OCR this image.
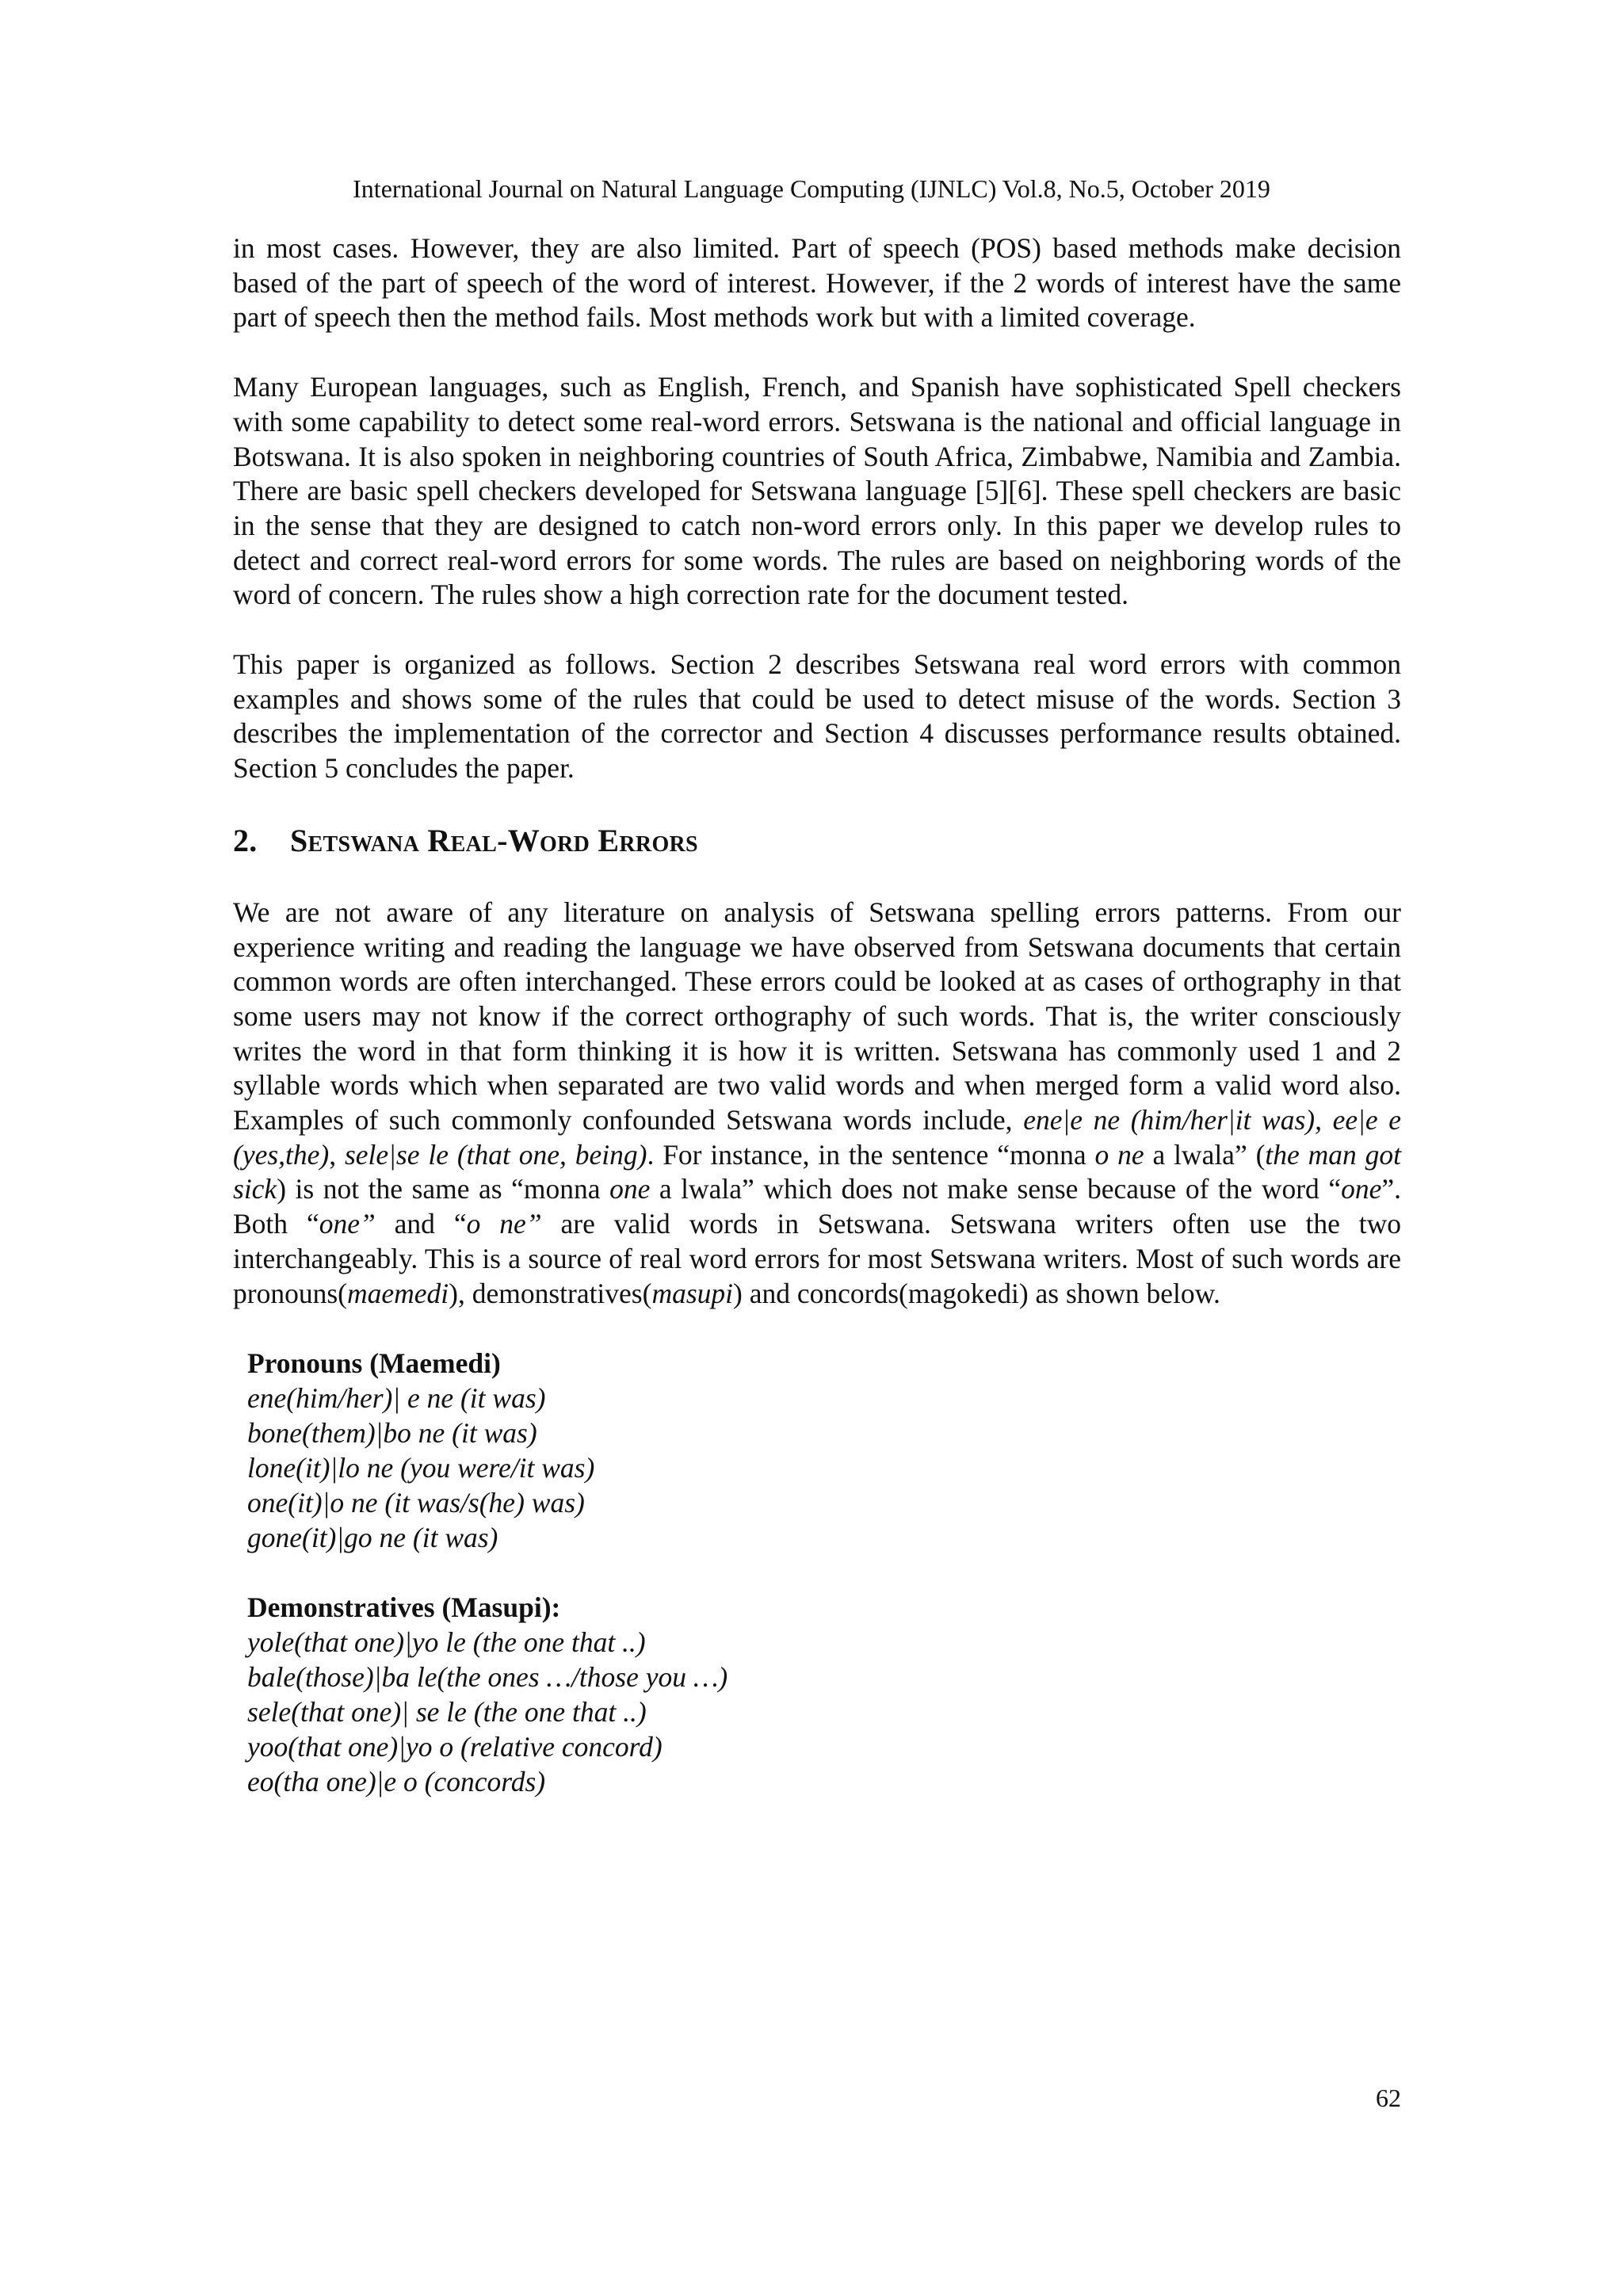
International Journal on Natural Language Computing (IJNLC) Vol.8, No.5, October 2019

in most cases. However, they are also limited. Part of speech (POS) based methods make decision based of the part of speech of the word of interest. However, if the 2 words of interest have the same part of speech then the method fails. Most methods work but with a limited coverage.

Many European languages, such as English, French, and Spanish have sophisticated Spell checkers with some capability to detect some real-word errors. Setswana is the national and official language in Botswana. It is also spoken in neighboring countries of South Africa, Zimbabwe, Namibia and Zambia. There are basic spell checkers developed for Setswana language [5][6]. These spell checkers are basic in the sense that they are designed to catch non-word errors only. In this paper we develop rules to detect and correct real-word errors for some words. The rules are based on neighboring words of the word of concern. The rules show a high correction rate for the document tested.

This paper is organized as follows. Section 2 describes Setswana real word errors with common examples and shows some of the rules that could be used to detect misuse of the words. Section 3 describes the implementation of the corrector and Section 4 discusses performance results obtained. Section 5 concludes the paper.

2. Setswana Real-Word Errors

We are not aware of any literature on analysis of Setswana spelling errors patterns. From our experience writing and reading the language we have observed from Setswana documents that certain common words are often interchanged. These errors could be looked at as cases of orthography in that some users may not know if the correct orthography of such words. That is, the writer consciously writes the word in that form thinking it is how it is written. Setswana has commonly used 1 and 2 syllable words which when separated are two valid words and when merged form a valid word also. Examples of such commonly confounded Setswana words include, ene|e ne (him/her|it was), ee|e e (yes,the), sele|se le (that one, being). For instance, in the sentence “monna o ne a lwala” (the man got sick) is not the same as “monna one a lwala” which does not make sense because of the word “one”. Both “one” and “o ne” are valid words in Setswana. Setswana writers often use the two interchangeably. This is a source of real word errors for most Setswana writers. Most of such words are pronouns(maemedi), demonstratives(masupi) and concords(magokedi) as shown below.

Pronouns (Maemedi)
ene(him/her)| e ne (it was)
bone(them)|bo ne (it was)
lone(it)|lo ne (you were/it was)
one(it)|o ne (it was/s(he) was)
gone(it)|go ne (it was)
Demonstratives (Masupi):
yole(that one)|yo le (the one that ..)
bale(those)|ba le(the ones …/those you …)
sele(that one)| se le (the one that ..)
yoo(that one)|yo o (relative concord)
eo(tha one)|e o (concords)
62
